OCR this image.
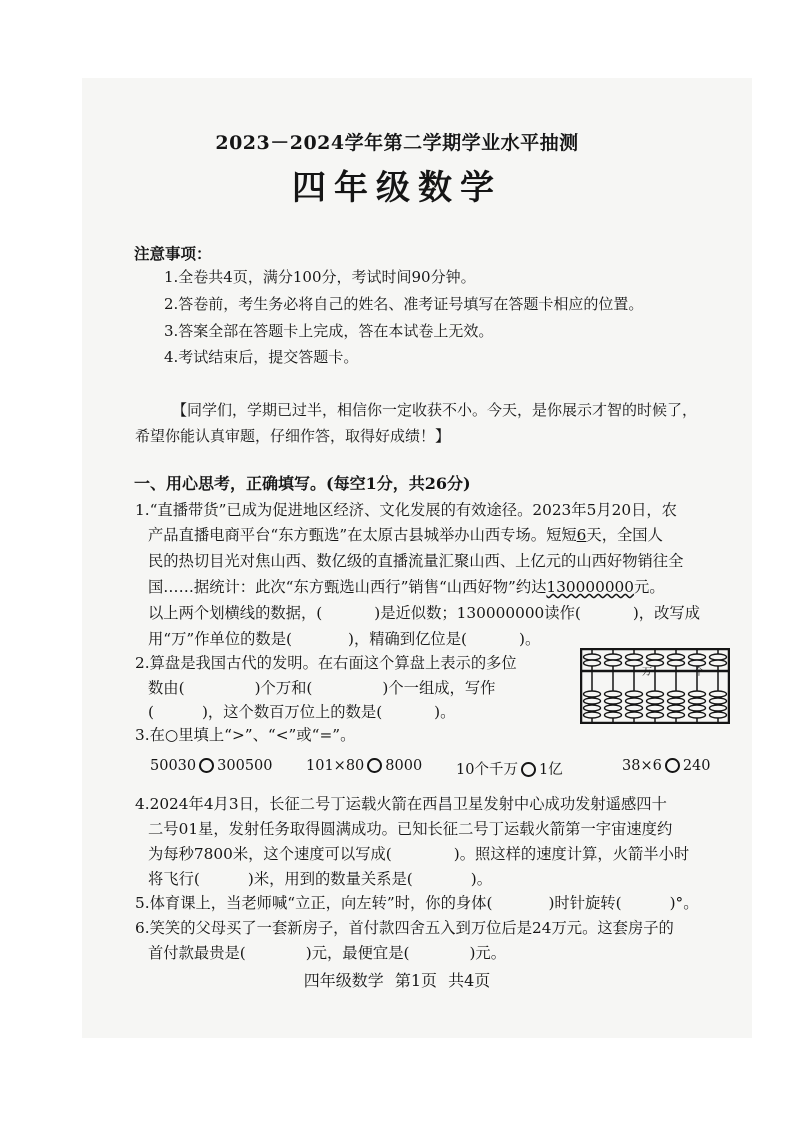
2023－2024学年第二学期学业水平抽测
四年级数学
注意事项：
1.全卷共4页，满分100分，考试时间90分钟。
2.答卷前，考生务必将自己的姓名、准考证号填写在答题卡相应的位置。
3.答案全部在答题卡上完成，答在本试卷上无效。
4.考试结束后，提交答题卡。
【同学们，学期已过半，相信你一定收获不小。今天，是你展示才智的时候了，
希望你能认真审题，仔细作答，取得好成绩！】
一、用心思考，正确填写。(每空1分，共26分)
1.“直播带货”已成为促进地区经济、文化发展的有效途径。2023年5月20日，农
产品直播电商平台“东方甄选”在太原古县城举办山西专场。短短6天，全国人
民的热切目光对焦山西、数亿级的直播流量汇聚山西、上亿元的山西好物销往全
国……据统计：此次“东方甄选山西行”销售“山西好物”约达130000000元。
以上两个划横线的数据，(	)是近似数；130000000读作(	)，改写成
用“万”作单位的数是(	)，精确到亿位是(	)。
2.算盘是我国古代的发明。在右面这个算盘上表示的多位
数由(	)个万和(	)个一组成，写作
(	)，这个数百万位上的数是(	)。
万	个
3.在○里填上“>”、“<”或“=”。
50030 300500 101×80 8000 10个千万 1亿	38×6 240
4.2024年4月3日，长征二号丁运载火箭在西昌卫星发射中心成功发射遥感四十
二号01星，发射任务取得圆满成功。已知长征二号丁运载火箭第一宇宙速度约
为每秒7800米，这个速度可以写成(	)。照这样的速度计算，火箭半小时
将飞行(	)米，用到的数量关系是(	)。
5.体育课上，当老师喊“立正，向左转”时，你的身体(	)时针旋转(	)°。
6.笑笑的父母买了一套新房子，首付款四舍五入到万位后是24万元。这套房子的
首付款最贵是(	)元，最便宜是(	)元。
四年级数学 第1页 共4页
